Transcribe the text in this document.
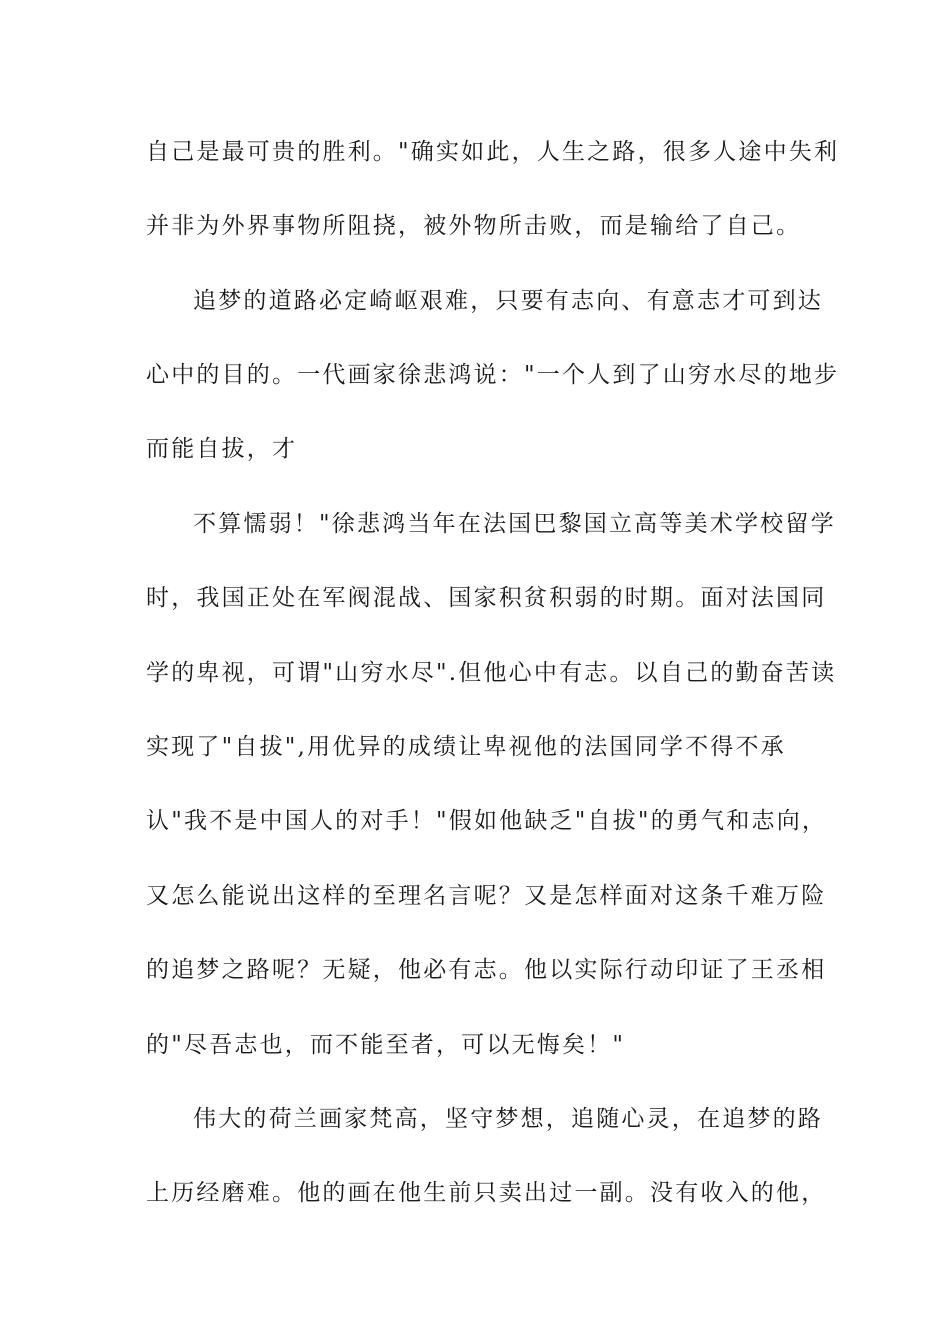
自己是最可贵的胜利。"确实如此，人生之路，很多人途中失利

并非为外界事物所阻挠，被外物所击败，而是输给了自己。

追梦的道路必定崎岖艰难，只要有志向、有意志才可到达

心中的目的。一代画家徐悲鸿说："一个人到了山穷水尽的地步

而能自拔，才

不算懦弱！"徐悲鸿当年在法国巴黎国立高等美术学校留学

时，我国正处在军阀混战、国家积贫积弱的时期。面对法国同

学的卑视，可谓"山穷水尽".但他心中有志。以自己的勤奋苦读

实现了"自拔",用优异的成绩让卑视他的法国同学不得不承

认"我不是中国人的对手！"假如他缺乏"自拔"的勇气和志向，

又怎么能说出这样的至理名言呢？又是怎样面对这条千难万险

的追梦之路呢？无疑，他必有志。他以实际行动印证了王丞相

的"尽吾志也，而不能至者，可以无悔矣！"

伟大的荷兰画家梵高，坚守梦想，追随心灵，在追梦的路

上历经磨难。他的画在他生前只卖出过一副。没有收入的他，
